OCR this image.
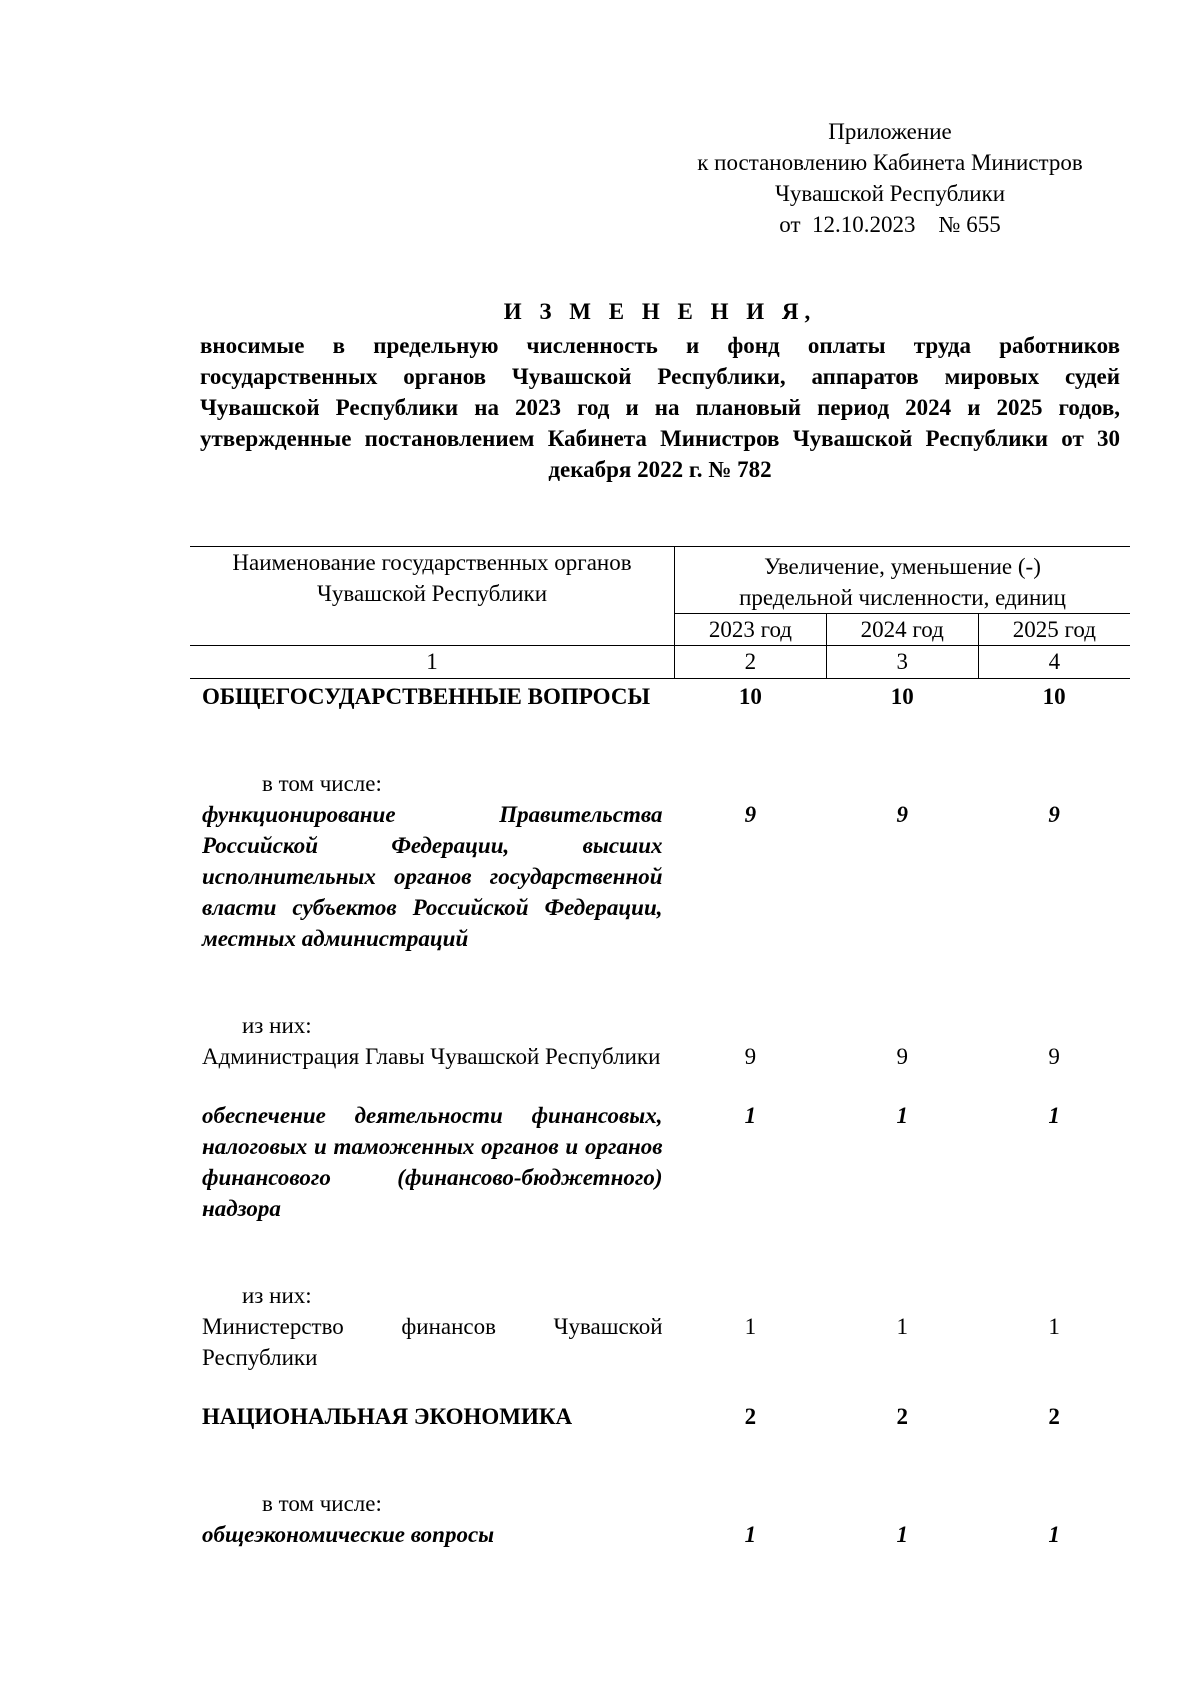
Приложение
к постановлению Кабинета Министров
Чувашской Республики
от  12.10.2023    № 655
И З М Е Н Е Н И Я,
вносимые в предельную численность и фонд оплаты труда работников государственных органов Чувашской Республики, аппаратов мировых судей Чувашской Республики на 2023 год и на плановый период 2024 и 2025 годов, утвержденные постановлением Кабинета Министров Чувашской Республики от 30 декабря 2022 г. № 782
Наименование государственных органов Чувашской Республики	Увеличение, уменьшение (-) предельной численности, единиц		
	2023 год	2024 год	2025 год
1	2	3	4
ОБЩЕГОСУДАРСТВЕННЫЕ ВОПРОСЫ	10	10	10
в том числе:			
функционирование Правительства Российской Федерации, высших исполнительных органов государственной власти субъектов Российской Федерации, местных администраций	9	9	9
из них:			
Администрация Главы Чувашской Республики	9	9	9
обеспечение деятельности финансовых, налоговых и таможенных органов и органов финансового (финансово-бюджетного) надзора	1	1	1
из них:			
Министерство финансов Чувашской Республики	1	1	1
НАЦИОНАЛЬНАЯ ЭКОНОМИКА	2	2	2
в том числе:			
общеэкономические вопросы	1	1	1
